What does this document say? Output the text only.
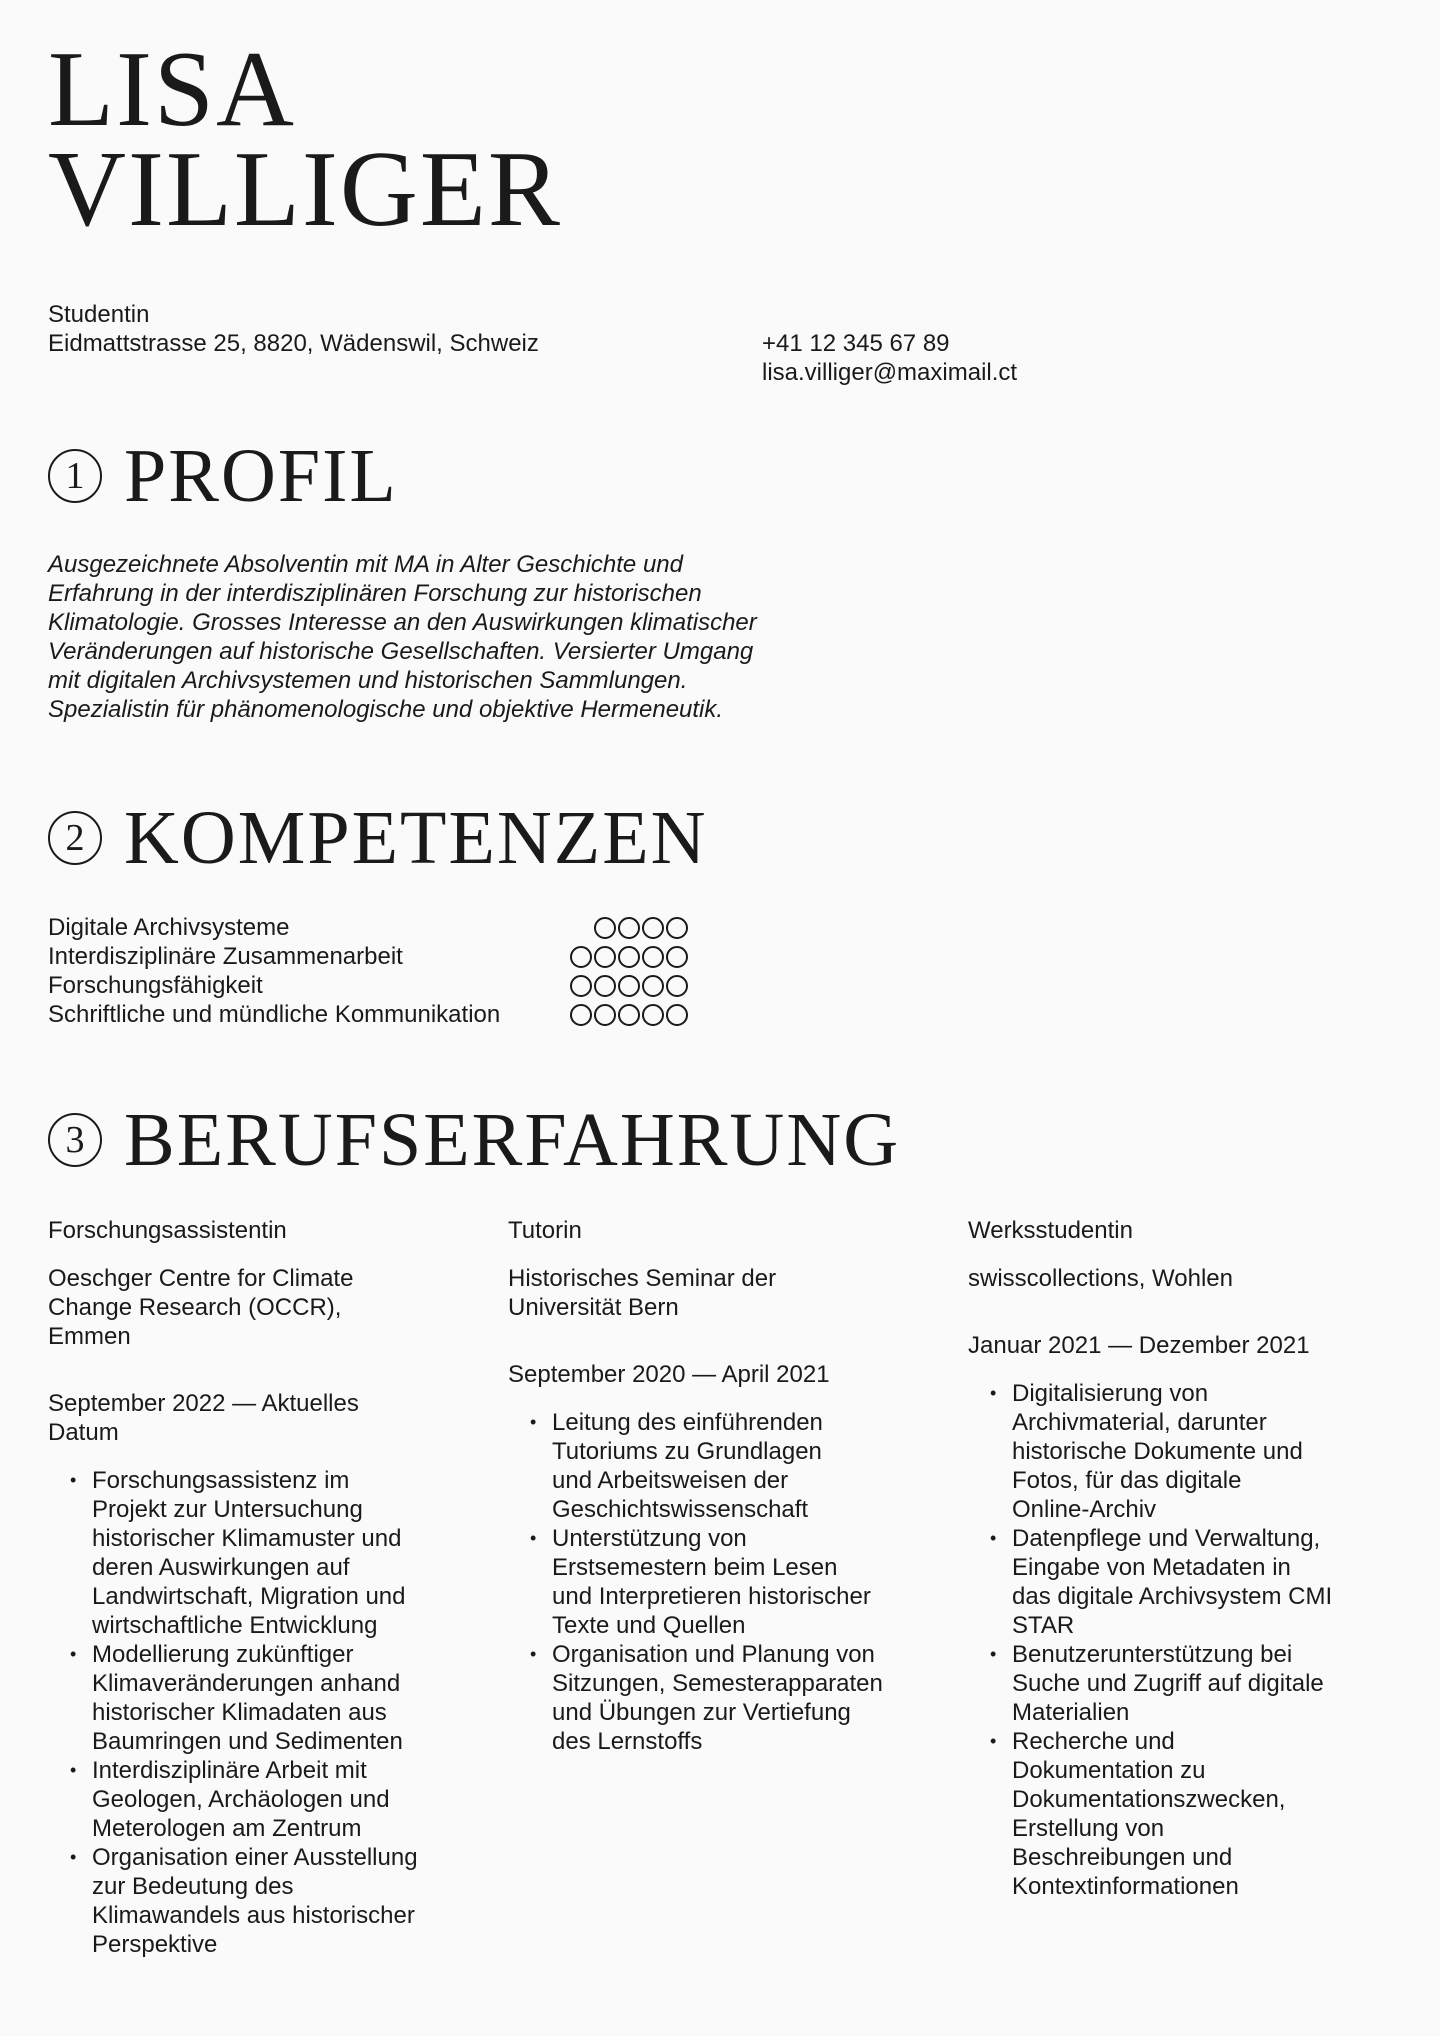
LISA
VILLIGER
Studentin
Eidmattstrasse 25, 8820, Wädenswil, Schweiz	+41 12 345 67 89
lisa.villiger@maximail.ct
1 PROFIL

Ausgezeichnete Absolventin mit MA in Alter Geschichte und
Erfahrung in der interdisziplinären Forschung zur historischen
Klimatologie. Grosses Interesse an den Auswirkungen klimatischer
Veränderungen auf historische Gesellschaften. Versierter Umgang
mit digitalen Archivsystemen und historischen Sammlungen.
Spezialistin für phänomenologische und objektive Hermeneutik.

2 KOMPETENZEN
Digitale Archivsysteme
Interdisziplinäre Zusammenarbeit
Forschungsfähigkeit
Schriftliche und mündliche Kommunikation
3 BERUFSERFAHRUNG

Forschungsassistentin

Oeschger Centre for Climate
Change Research (OCCR),
Emmen

September 2022 — Aktuelles
Datum

• Forschungsassistenz im
Projekt zur Untersuchung
historischer Klimamuster und
deren Auswirkungen auf
Landwirtschaft, Migration und
wirtschaftliche Entwicklung

• Modellierung zukünftiger
Klimaveränderungen anhand
historischer Klimadaten aus
Baumringen und Sedimenten

• Interdisziplinäre Arbeit mit
Geologen, Archäologen und
Meterologen am Zentrum

• Organisation einer Ausstellung
zur Bedeutung des
Klimawandels aus historischer
Perspektive

Tutorin

Historisches Seminar der
Universität Bern

September 2020 — April 2021

• Leitung des einführenden
Tutoriums zu Grundlagen
und Arbeitsweisen der
Geschichtswissenschaft

• Unterstützung von
Erstsemestern beim Lesen
und Interpretieren historischer
Texte und Quellen

• Organisation und Planung von
Sitzungen, Semesterapparaten
und Übungen zur Vertiefung
des Lernstoffs

Werksstudentin

swisscollections, Wohlen

Januar 2021 — Dezember 2021

• Digitalisierung von
Archivmaterial, darunter
historische Dokumente und
Fotos, für das digitale
Online-Archiv

• Datenpflege und Verwaltung,
Eingabe von Metadaten in
das digitale Archivsystem CMI
STAR

• Benutzerunterstützung bei
Suche und Zugriff auf digitale
Materialien

• Recherche und
Dokumentation zu
Dokumentationszwecken,
Erstellung von
Beschreibungen und
Kontextinformationen
